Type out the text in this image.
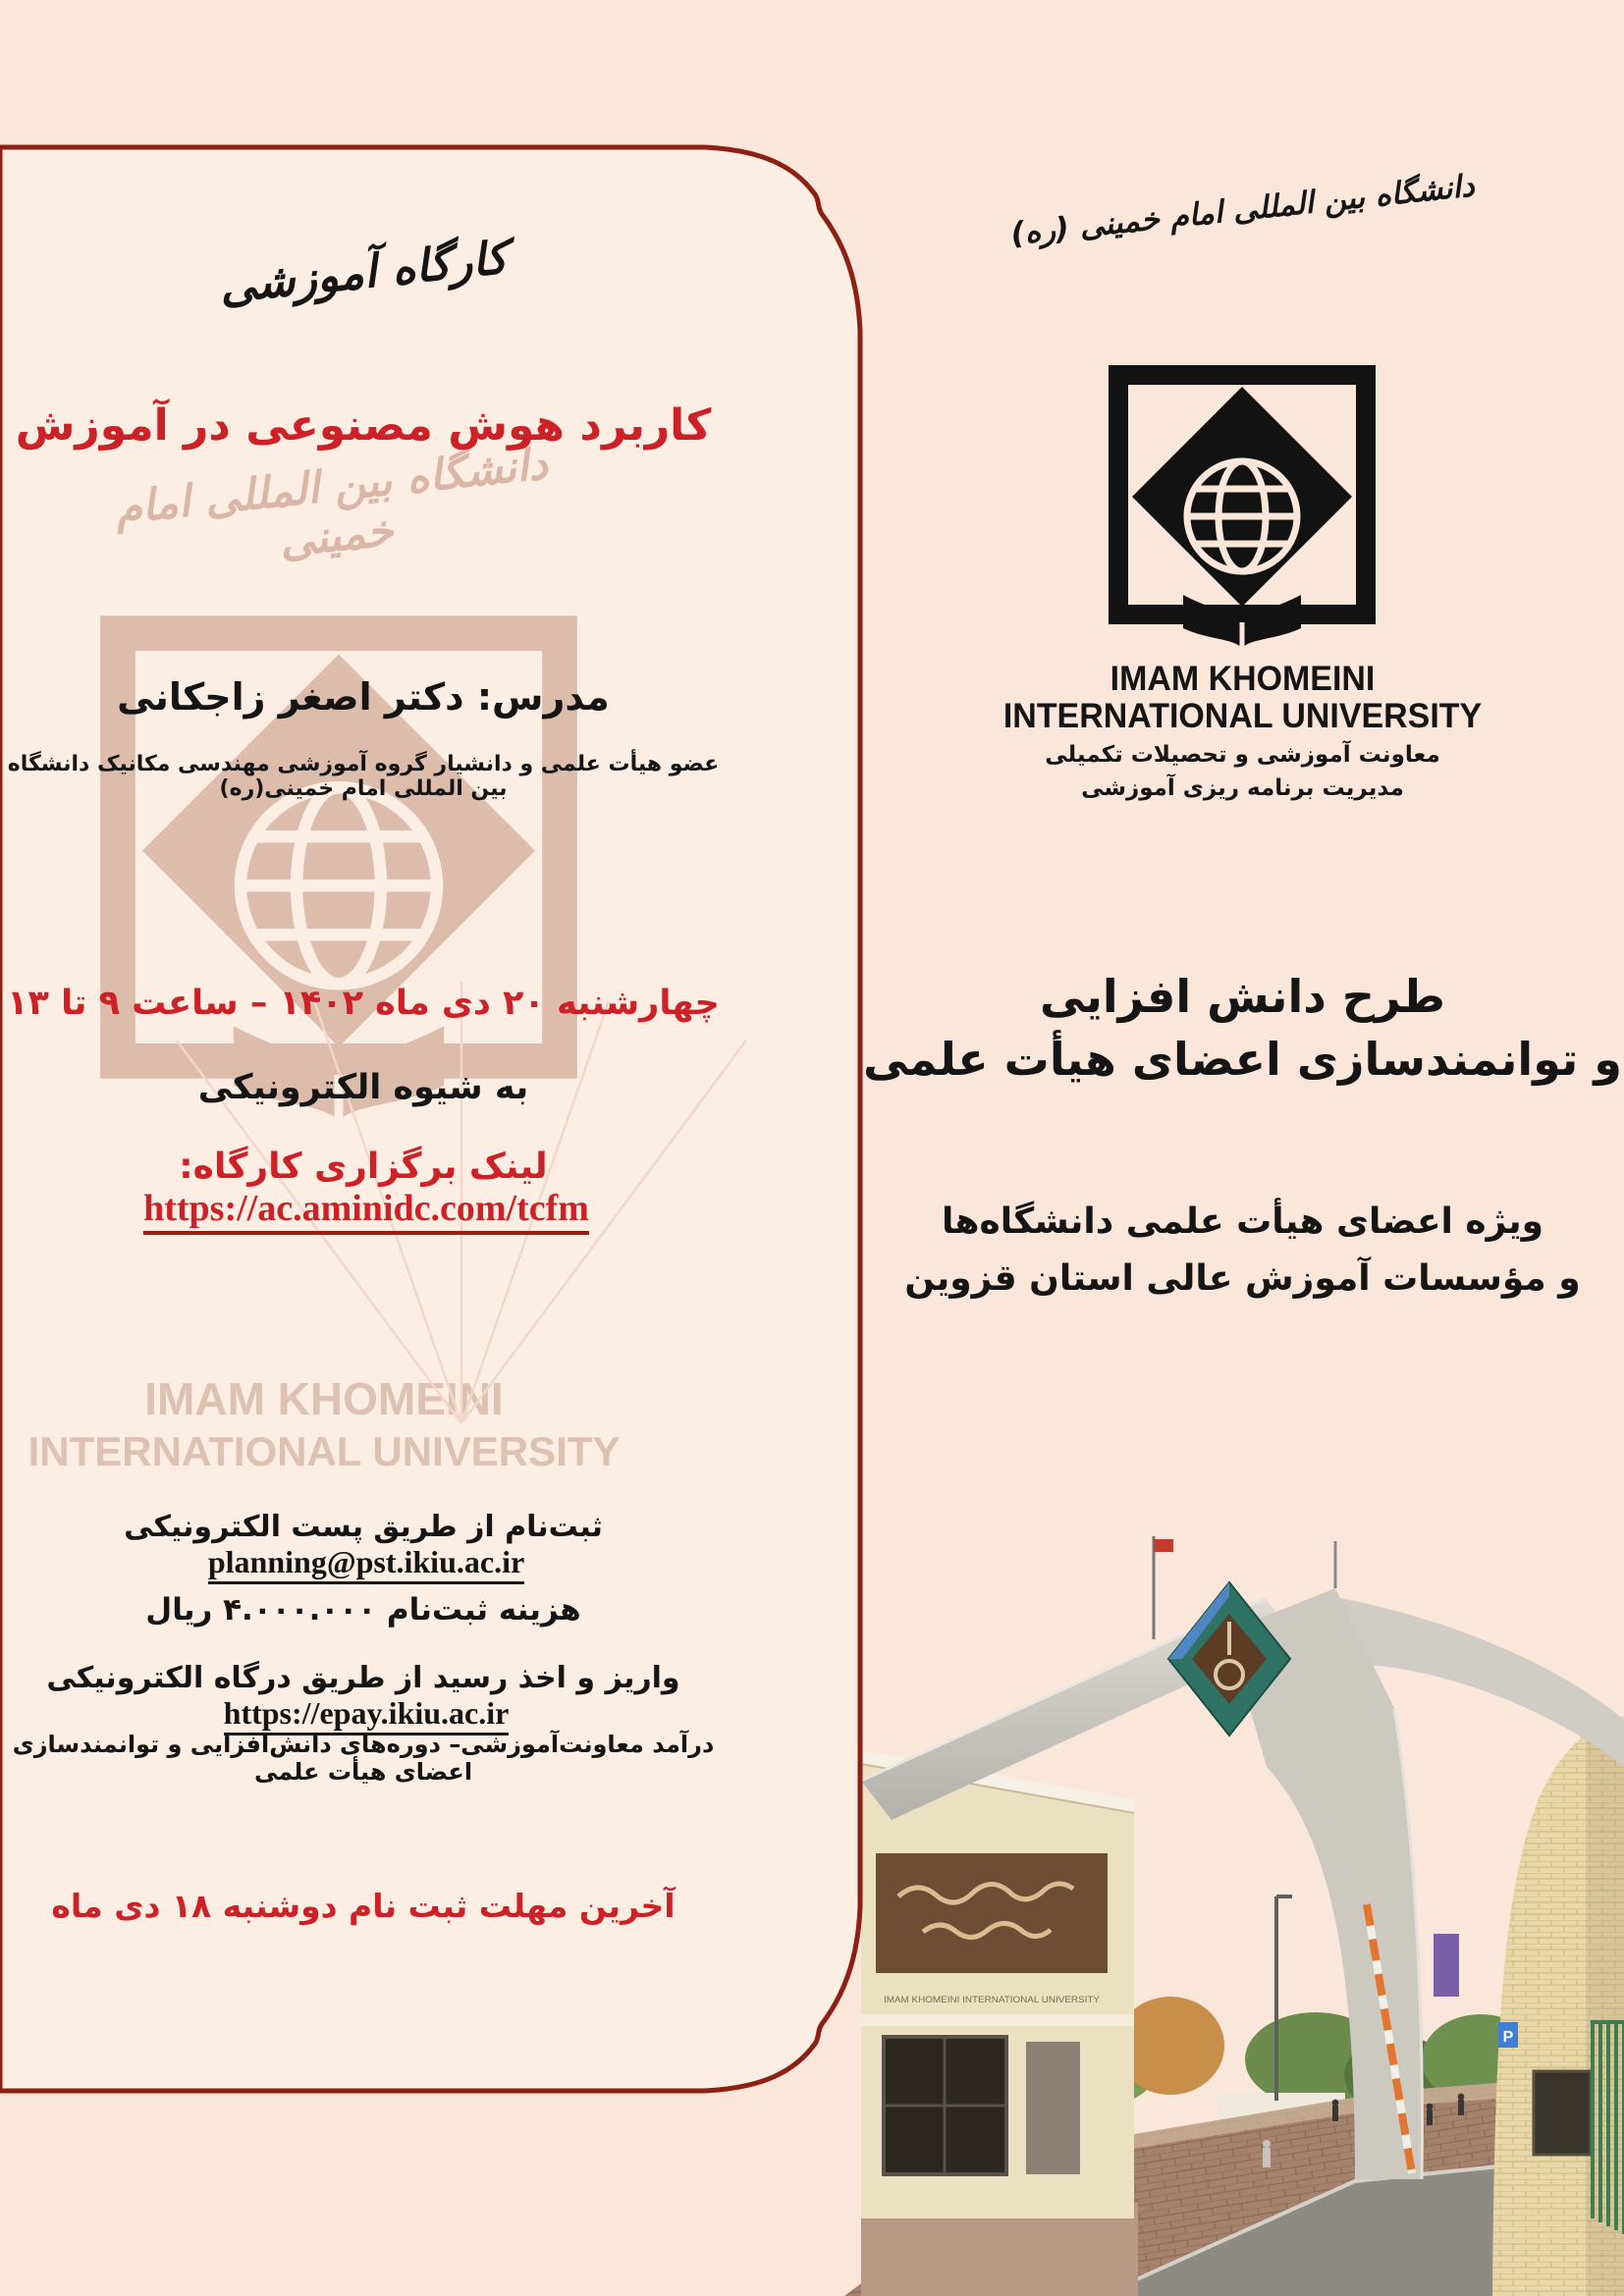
IMAM KHOMEINI INTERNATIONAL UNIVERSITY
P
دانشگاه بین المللی امام خمینی
IMAM KHOMEINI
INTERNATIONAL UNIVERSITY
کارگاه آموزشی
کاربرد هوش مصنوعی در آموزش
مدرس: دکتر اصغر زاجکانی
عضو هیأت علمی و دانشیار گروه آموزشی مهندسی مکانیک دانشگاه بین المللی امام خمینی(ره)
چهارشنبه ۲۰ دی ماه ۱۴۰۲ – ساعت ۹ تا ۱۳
به شیوه الکترونیکی
لینک برگزاری کارگاه: https://ac.aminidc.com/tcfm
ثبت‌نام از طریق پست الکترونیکی planning@pst.ikiu.ac.ir
هزینه ثبت‌نام ۴.۰۰۰.۰۰۰ ریال
واریز و اخذ رسید از طریق درگاه الکترونیکی https://epay.ikiu.ac.ir
درآمد معاونت‌آموزشی– دوره‌های دانش‌افزایی و توانمندسازی اعضای هیأت علمی
آخرین مهلت ثبت نام دوشنبه ۱۸ دی ماه
دانشگاه بین المللی امام خمینی (ره)
IMAM KHOMEINI
INTERNATIONAL UNIVERSITY
معاونت آموزشی و تحصیلات تکمیلی
مدیریت برنامه ریزی آموزشی
طرح دانش افزایی
و توانمندسازی اعضای هیأت علمی
ویژه اعضای هیأت علمی دانشگاه‌ها
و مؤسسات آموزش عالی استان قزوین
